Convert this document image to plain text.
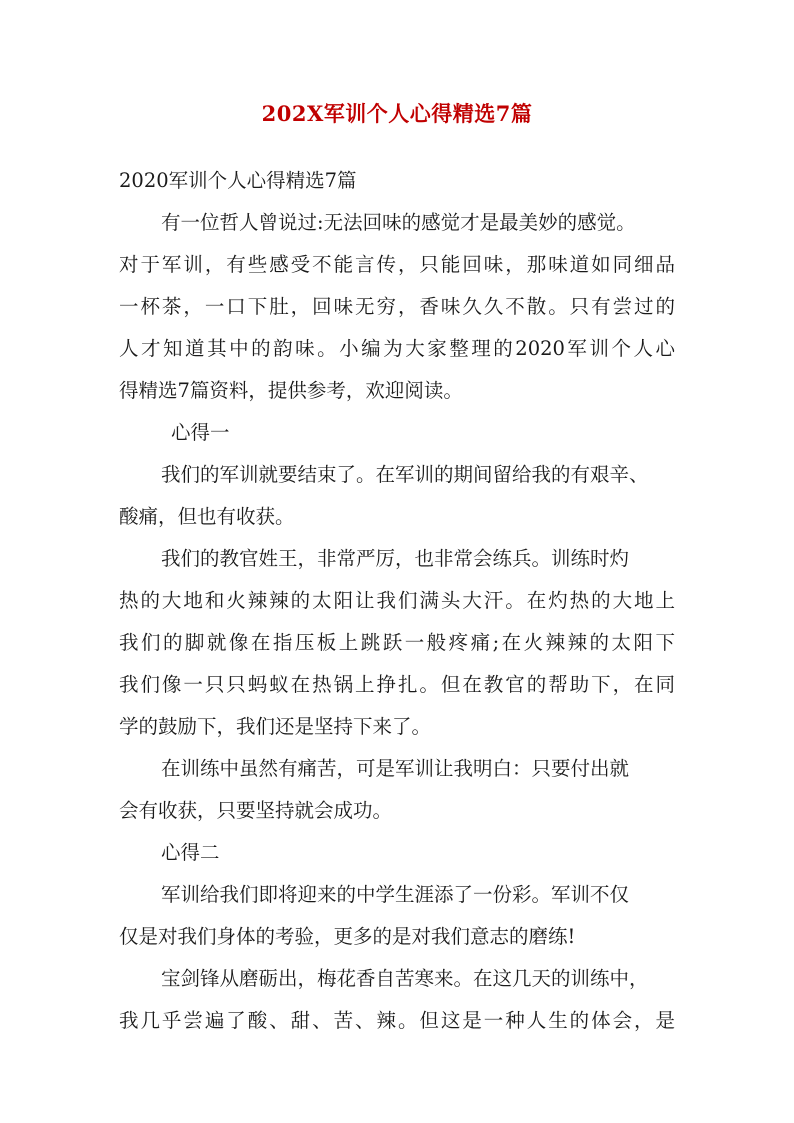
202X军训个人心得精选7篇
2020军训个人心得精选7篇
有一位哲人曾说过:无法回味的感觉才是最美妙的感觉。
对于军训，有些感受不能言传，只能回味，那味道如同细品
一杯茶，一口下肚，回味无穷，香味久久不散。只有尝过的
人才知道其中的韵味。小编为大家整理的2020军训个人心
得精选7篇资料，提供参考，欢迎阅读。
心得一
我们的军训就要结束了。在军训的期间留给我的有艰辛、
酸痛，但也有收获。
我们的教官姓王，非常严厉，也非常会练兵。训练时灼
热的大地和火辣辣的太阳让我们满头大汗。在灼热的大地上
我们的脚就像在指压板上跳跃一般疼痛;在火辣辣的太阳下
我们像一只只蚂蚁在热锅上挣扎。但在教官的帮助下，在同
学的鼓励下，我们还是坚持下来了。
在训练中虽然有痛苦，可是军训让我明白：只要付出就
会有收获，只要坚持就会成功。
心得二
军训给我们即将迎来的中学生涯添了一份彩。军训不仅
仅是对我们身体的考验，更多的是对我们意志的磨练!
宝剑锋从磨砺出，梅花香自苦寒来。在这几天的训练中，
我几乎尝遍了酸、甜、苦、辣。但这是一种人生的体会，是
